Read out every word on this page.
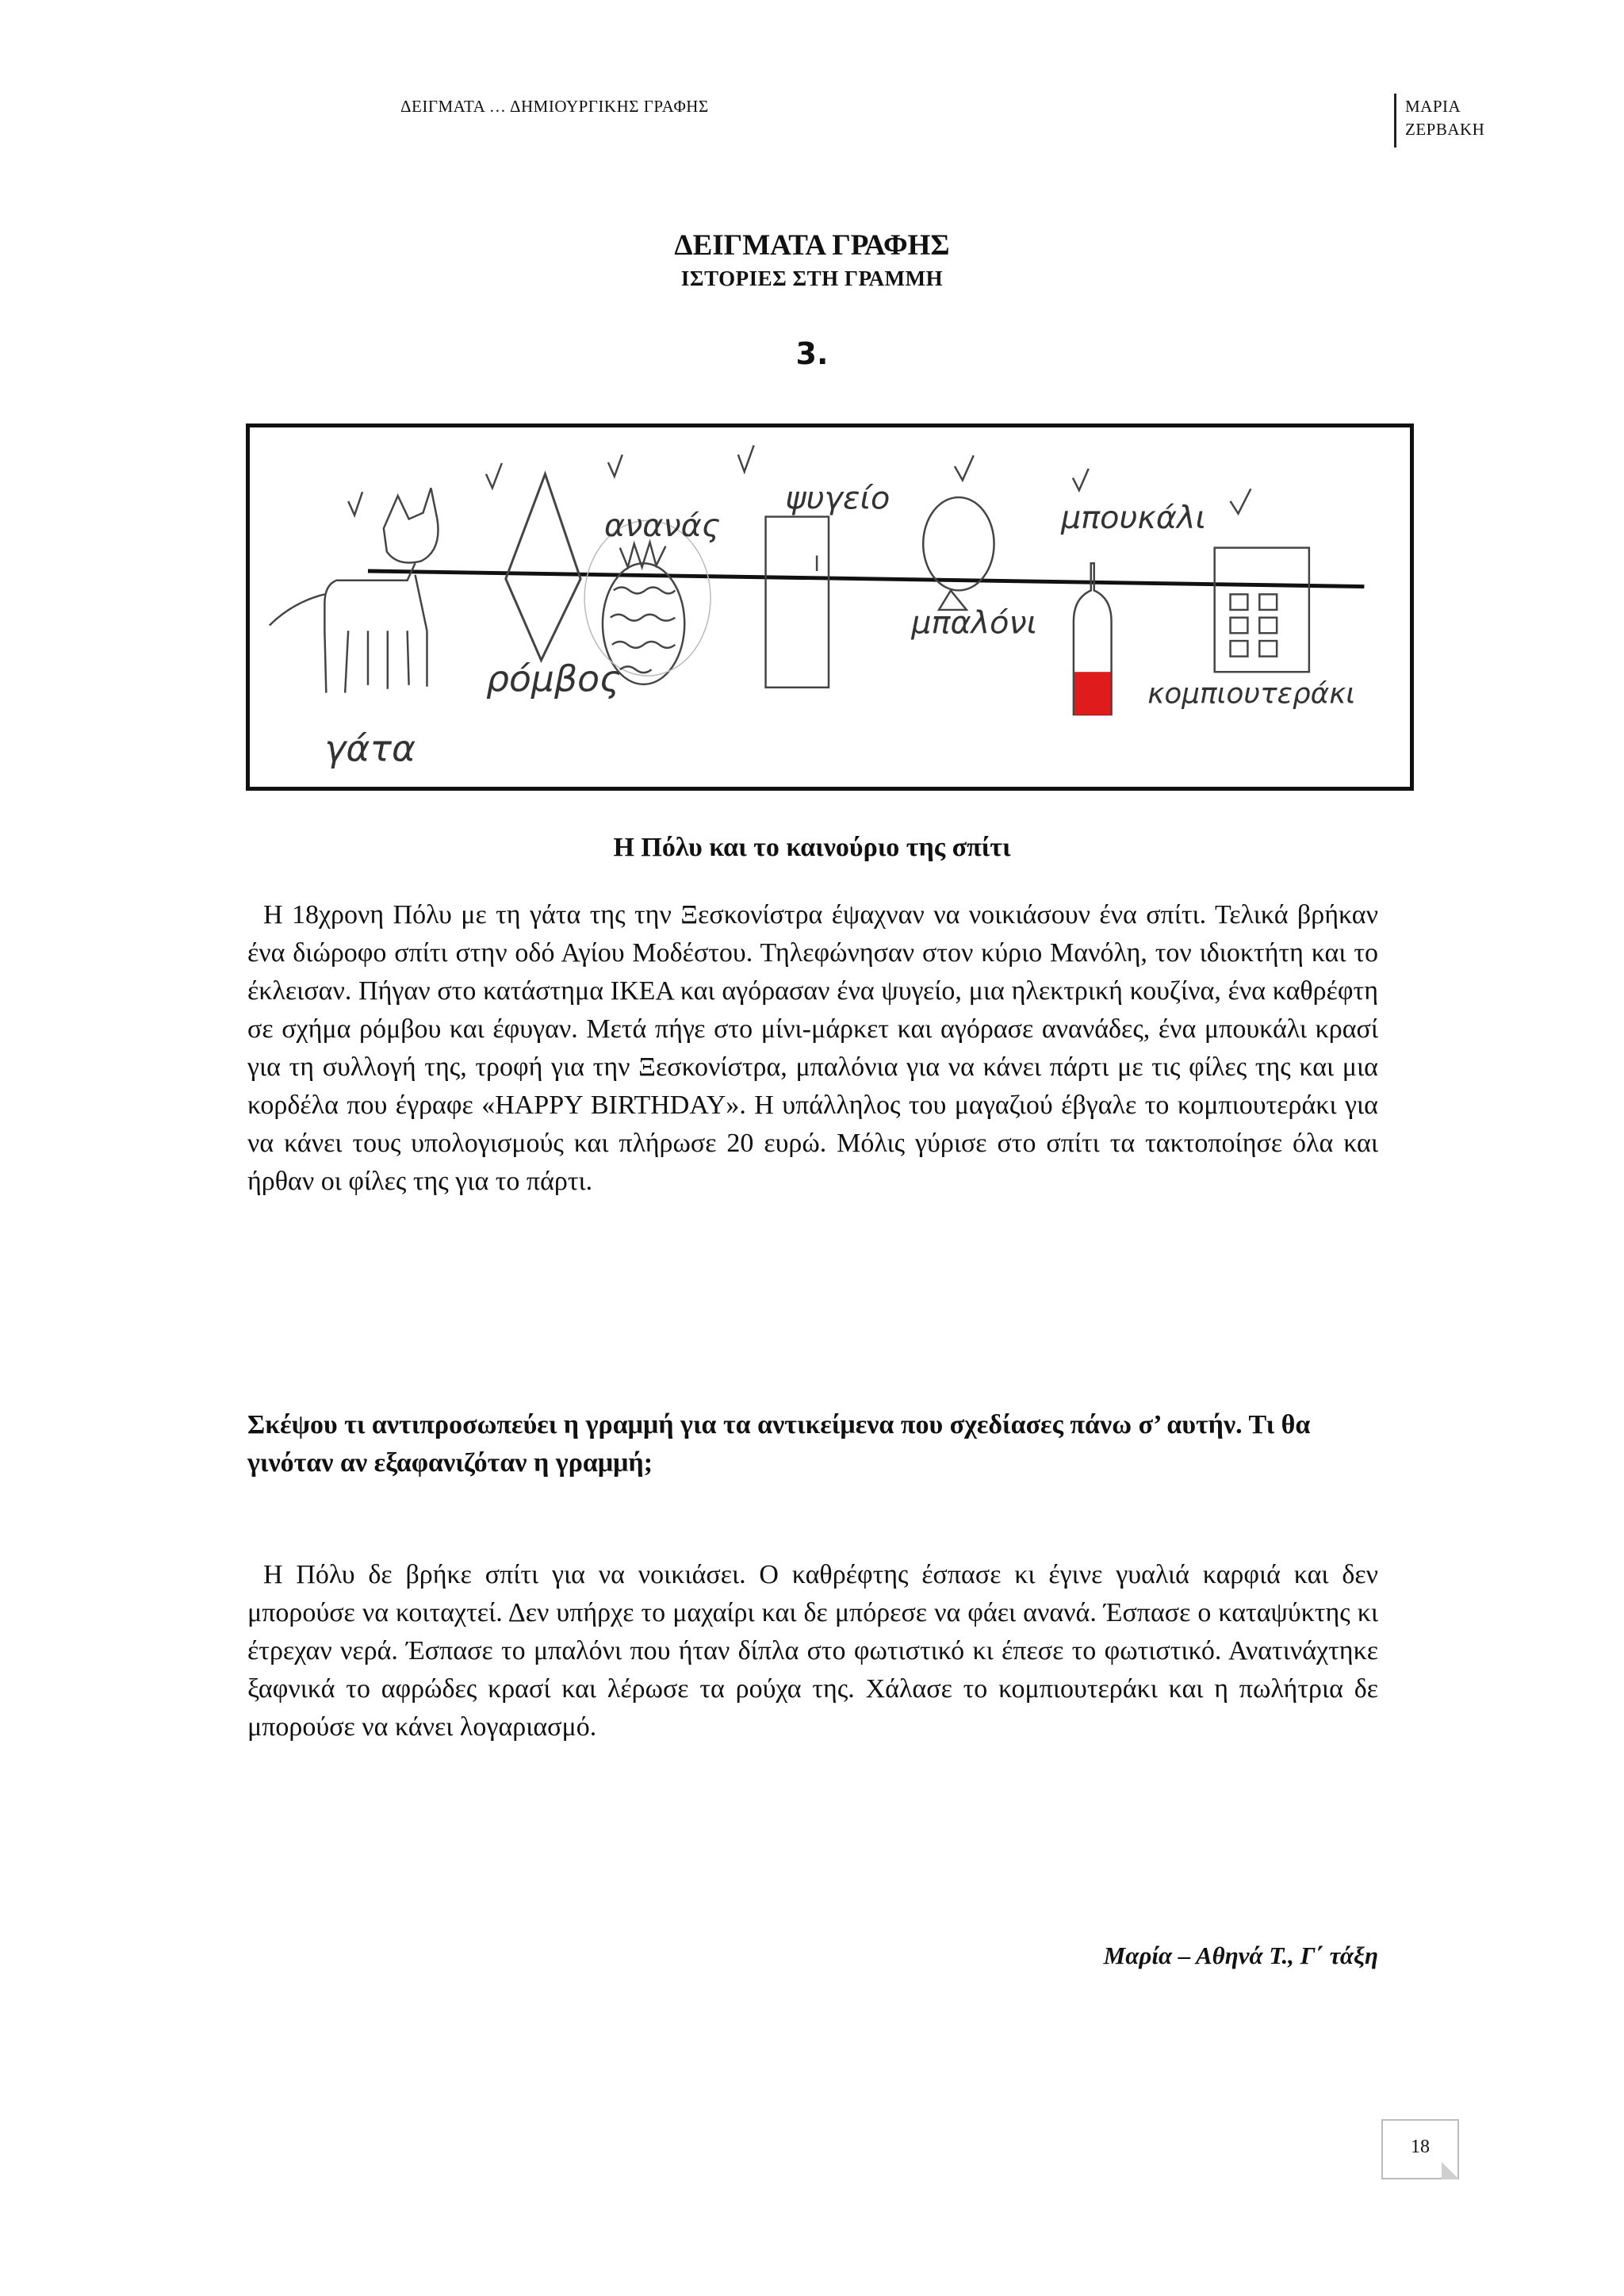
ΔΕΙΓΜΑΤΑ … ΔΗΜΙΟΥΡΓΙΚΗΣ ΓΡΑΦΗΣ	ΜΑΡΙΑ
ΖΕΡΒΑΚΗ
ΔΕΙΓΜΑΤΑ ΓΡΑΦΗΣ
ΙΣΤΟΡΙΕΣ ΣΤΗ ΓΡΑΜΜΗ
3.
γάτα
ρόμβος
ανανάς
ψυγείο
μπαλόνι
μπουκάλι
κομπιουτεράκι
Η Πόλυ και το καινούριο της σπίτι
Η 18χρονη Πόλυ με τη γάτα της την Ξεσκονίστρα έψαχναν να νοικιάσουν ένα σπίτι. Τελικά βρήκαν ένα διώροφο σπίτι στην οδό Αγίου Μοδέστου. Τηλεφώνησαν στον κύριο Μανόλη, τον ιδιοκτήτη και το έκλεισαν. Πήγαν στο κατάστημα ΙΚΕΑ και αγόρασαν ένα ψυγείο, μια ηλεκτρική κουζίνα, ένα καθρέφτη σε σχήμα ρόμβου και έφυγαν. Μετά πήγε στο μίνι-μάρκετ και αγόρασε ανανάδες, ένα μπουκάλι κρασί για τη συλλογή της, τροφή για την Ξεσκονίστρα, μπαλόνια για να κάνει πάρτι με τις φίλες της και μια κορδέλα που έγραφε «HAPPY BIRTHDAY». Η υπάλληλος του μαγαζιού έβγαλε το κομπιουτεράκι για να κάνει τους υπολογισμούς και πλήρωσε 20 ευρώ. Μόλις γύρισε στο σπίτι τα τακτοποίησε όλα και ήρθαν οι φίλες της για το πάρτι.
Σκέψου τι αντιπροσωπεύει η γραμμή για τα αντικείμενα που σχεδίασες πάνω σ’ αυτήν. Τι θα γινόταν αν εξαφανιζόταν η γραμμή;
Η Πόλυ δε βρήκε σπίτι για να νοικιάσει. Ο καθρέφτης έσπασε κι έγινε γυαλιά καρφιά και δεν μπορούσε να κοιταχτεί. Δεν υπήρχε το μαχαίρι και δε μπόρεσε να φάει ανανά. Έσπασε ο καταψύκτης κι έτρεχαν νερά. Έσπασε το μπαλόνι που ήταν δίπλα στο φωτιστικό κι έπεσε το φωτιστικό. Ανατινάχτηκε ξαφνικά το αφρώδες κρασί και λέρωσε τα ρούχα της. Χάλασε το κομπιουτεράκι και η πωλήτρια δε μπορούσε να κάνει λογαριασμό.
Μαρία – Αθηνά Τ., Γ΄ τάξη
18
